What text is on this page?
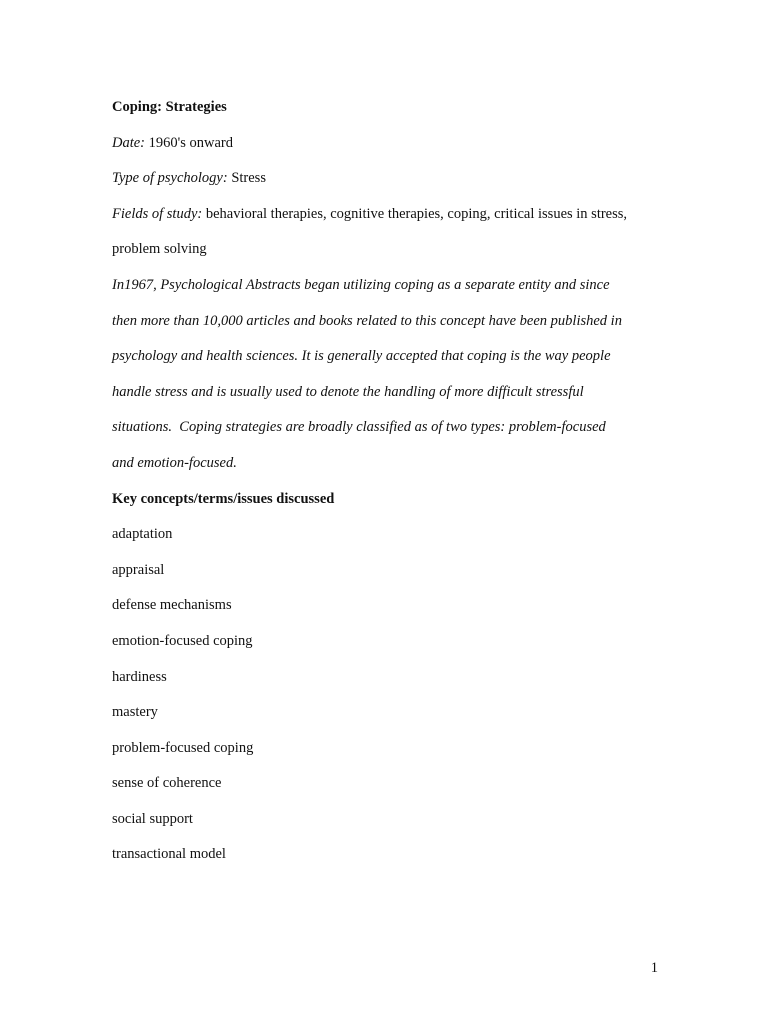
Coping: Strategies

Date: 1960's onward

Type of psychology: Stress

Fields of study: behavioral therapies, cognitive therapies, coping, critical issues in stress,

problem solving

In1967, Psychological Abstracts began utilizing coping as a separate entity and since

then more than 10,000 articles and books related to this concept have been published in

psychology and health sciences. It is generally accepted that coping is the way people

handle stress and is usually used to denote the handling of more difficult stressful

situations.  Coping strategies are broadly classified as of two types: problem-focused

and emotion-focused.

Key concepts/terms/issues discussed

adaptation

appraisal

defense mechanisms

emotion-focused coping

hardiness

mastery

problem-focused coping

sense of coherence

social support

transactional model

1
